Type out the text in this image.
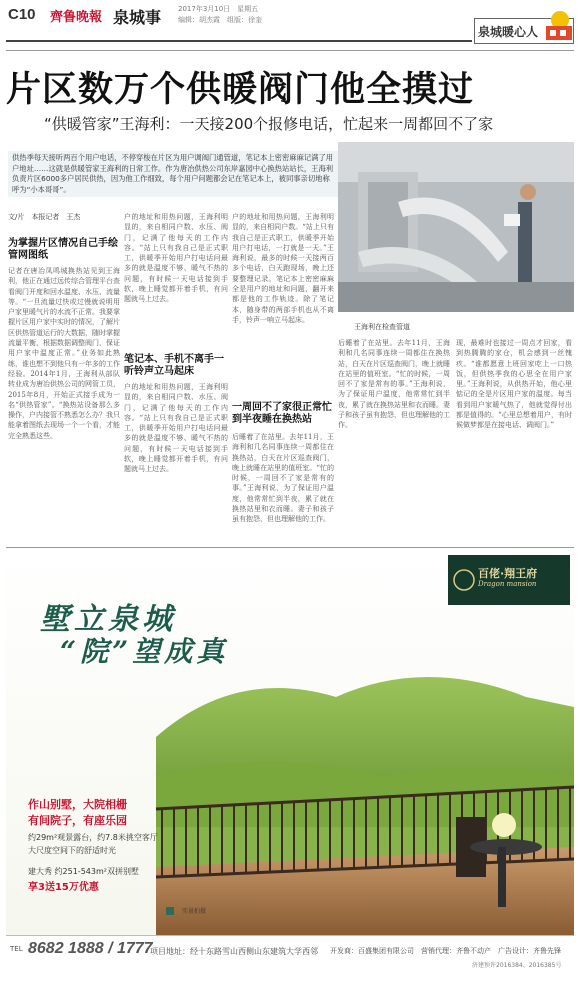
C10 齊鲁晚報 泉城事 2017年3月10日　星期五
编辑：胡杰霞　组版：徐奎
泉城暖心人
片区数万个供暖阀门他全摸过
“供暖管家”王海利：一天接200个报修电话，忙起来一周都回不了家
供热季每天接听两百个用户电话，不停穿梭在片区为用户调阀门通管道，笔记本上密密麻麻记满了用户地址……这就是供暖管家王海利的日常工作。作为唐冶供热公司东岸嘉园中心换热站站长，王海利负责片区6000多户居民供热，因为他工作细致，每个用户问题都会记在笔记本上，被同事亲切地称呼为“小本哥哥”。
文/片　本报记者　王杰
为掌握片区情况自己手绘管网图纸
记者在唐冶凤鸣城换热站见到王海利，他正在通过远传综合管理平台查看阀门开度和回水温度、水压、流量等。“一旦流量过快或过慢就说明用户家里暖气片的水流不正常。我要掌握片区用户家中实时的情况，了解片区供热管道运行的大数据，随时掌握流量平衡，根据数据调整阀门，保证用户家中温度正常。”业务如此熟练，谁也想不到他只有一年多的工作经验。2014年1月，王海利从部队转业成为唐冶供热公司的网管工员，2015年8月，开始正式接手成为一名“供热管家”。“换热站设备那么多操作，户内接管不熟悉怎么办？我只能拿着图纸去现场一个一个看，才能完全熟悉这些。
户的地址和用热问题，王海利明显的，来自相同户数、水压、阀门，记满了他每天的工作内容。“站上只有我自己是正式职工，供暖季开始用户打电话问最多的就是温度不够、暖气不热的问题，有时候一天电话接到手软，晚上睡觉都开着手机，有问题就马上过去。
笔记本、手机不离手一听铃声立马起床
户的地址和用热问题，王海利明显的，来自相同户数、水压、阀门，记满了他每天的工作内容。“站上只有我自己是正式职工，供暖季开始用户打电话问最多的就是温度不够、暖气不热的问题，有时候一天电话接到手软，晚上睡觉都开着手机，有问题就马上过去。
户的地址和用热问题，王海利明显的，来自相同户数。“站上只有我自己是正式职工，供暖季开始用户打电话，一打就是一天。”王海利说，最多的时候一天接两百多个电话，白天跑现场，晚上还要整理记录。笔记本上密密麻麻全是用户的地址和问题，翻开来都是他的工作轨迹。除了笔记本，随身带的两部手机也从不离手，铃声一响立马起床。
一周回不了家很正常忙到半夜睡在换热站
后睡着了在站里。去年11月，王海利和几名同事连续一周都住在换热站，白天在片区巡查阀门，晚上就睡在站里的值班室。“忙的时候，一周回不了家是常有的事。”王海利说，为了保证用户温度，他常常忙到半夜，累了就在换热站里和衣而睡。妻子和孩子虽有抱怨，但也理解他的工作。
王海利在检查管道
后睡着了在站里。去年11月，王海利和几名同事连续一周都住在换热站，白天在片区巡查阀门，晚上就睡在站里的值班室。“忙的时候，一周回不了家是常有的事。”王海利说，为了保证用户温度，他常常忙到半夜，累了就在换热站里和衣而睡。妻子和孩子虽有抱怨，但也理解他的工作。
现，最难时也接过一周点才回家，看到热腾腾的家仓，机会感到一丝愧疚。“谁都愿意上班回家吃上一口热饭，但供热季我的心思全在用户家里。”王海利说，从供热开始，他心里惦记的全是片区用户家的温度。每当看到用户家暖气热了，他就觉得付出都是值得的。“心里总想着用户，有时候做梦都是在接电话、调阀门。”
墅立泉城
“院”望成真
百佬·翔王府
Dragon mansion
作山别墅，大院相栅
有间院子，有座乐园
约29m²观景露台，约7.8米挑空客厅
大尺度空间下的舒适时光
建大秀 约251-543m²双拼别墅
享3送15万优惠
实景拍摄
TEL 8682 1888 / 1777
项目地址：经十东路雪山西侧山东建筑大学西邻 开发商：百盛集团有限公司　营销代理：齐鲁不动产　广告设计：齐鲁先锋
济建预许2016384、2016385号
